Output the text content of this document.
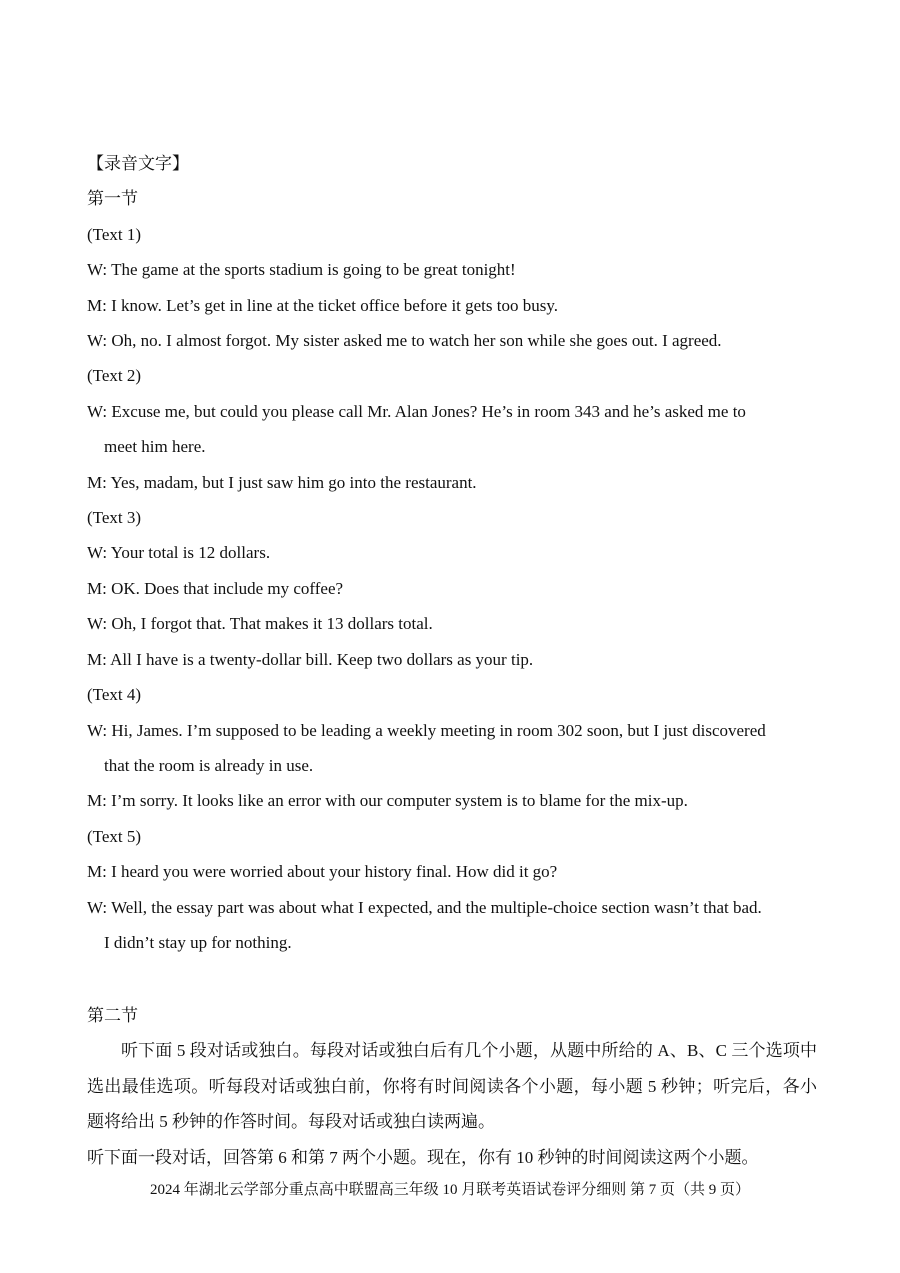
【录音文字】
第一节
(Text 1)
W: The game at the sports stadium is going to be great tonight!
M: I know. Let’s get in line at the ticket office before it gets too busy.
W: Oh, no. I almost forgot. My sister asked me to watch her son while she goes out. I agreed.
(Text 2)
W: Excuse me, but could you please call Mr. Alan Jones? He’s in room 343 and he’s asked me to
meet him here.
M: Yes, madam, but I just saw him go into the restaurant.
(Text 3)
W: Your total is 12 dollars.
M: OK. Does that include my coffee?
W: Oh, I forgot that. That makes it 13 dollars total.
M: All I have is a twenty-dollar bill. Keep two dollars as your tip.
(Text 4)
W: Hi, James. I’m supposed to be leading a weekly meeting in room 302 soon, but I just discovered
that the room is already in use.
M: I’m sorry. It looks like an error with our computer system is to blame for the mix-up.
(Text 5)
M: I heard you were worried about your history final. How did it go?
W: Well, the essay part was about what I expected, and the multiple-choice section wasn’t that bad.
I didn’t stay up for nothing.
第二节
听下面 5 段对话或独白。每段对话或独白后有几个小题，从题中所给的 A、B、C 三个选项中选出最佳选项。听每段对话或独白前，你将有时间阅读各个小题，每小题 5 秒钟；听完后，各小题将给出 5 秒钟的作答时间。每段对话或独白读两遍。
听下面一段对话，回答第 6 和第 7 两个小题。现在，你有 10 秒钟的时间阅读这两个小题。
2024 年湖北云学部分重点高中联盟高三年级 10 月联考英语试卷评分细则 第 7 页（共 9 页）
